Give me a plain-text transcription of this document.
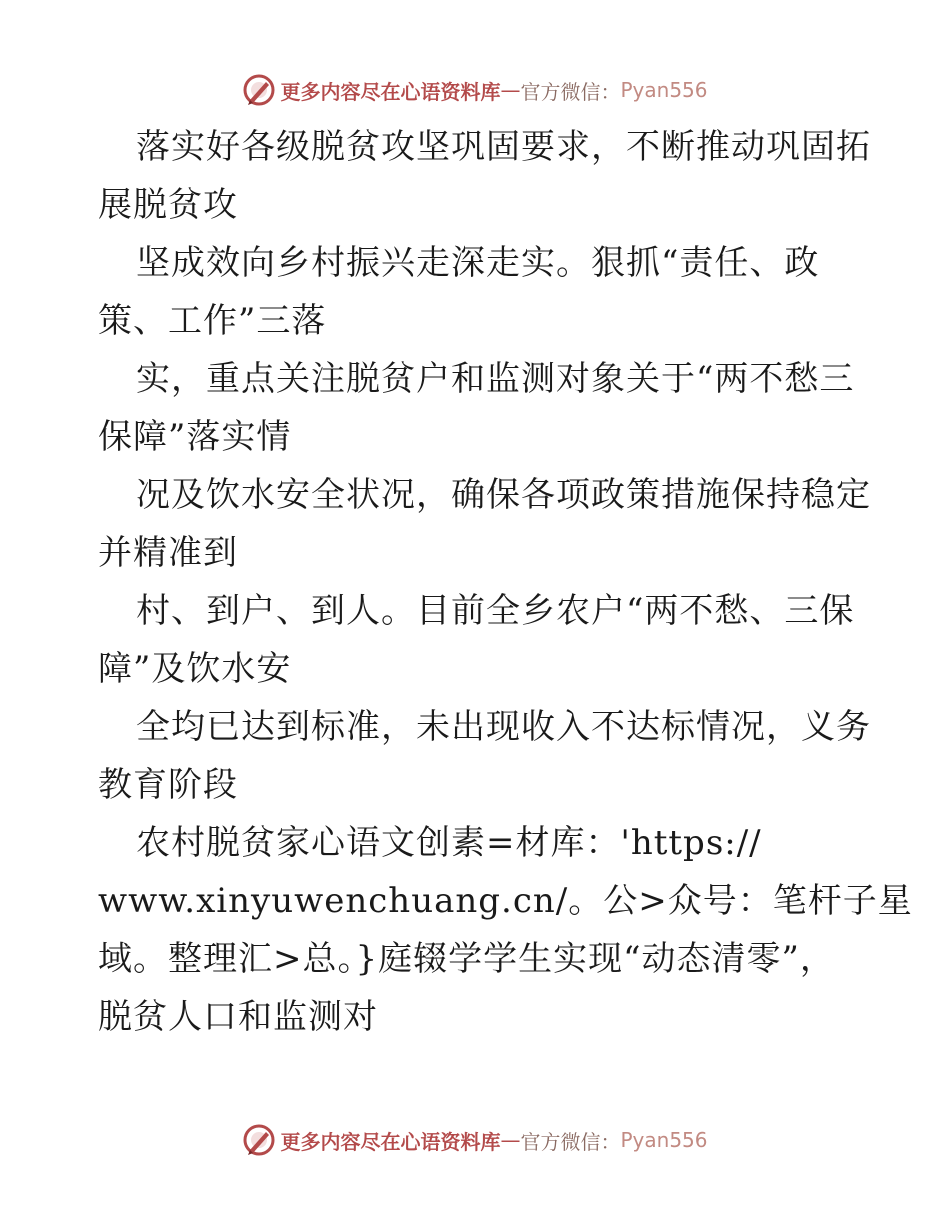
更多内容尽在心语资料库 — 官方微信： Pyan556
落实好各级脱贫攻坚巩固要求，不断推动巩固拓
展脱贫攻
坚成效向乡村振兴走深走实。狠抓“责任、政
策、工作”三落
实，重点关注脱贫户和监测对象关于“两不愁三
保障”落实情
况及饮水安全状况，确保各项政策措施保持稳定
并精准到
村、到户、到人。目前全乡农户“两不愁、三保
障”及饮水安
全均已达到标准，未出现收入不达标情况，义务
教育阶段
农村脱贫家心语文创素=材库：'https://
www.xinyuwenchuang.cn/。公>众号：笔杆子星
域。整理汇>总。}庭辍学学生实现“动态清零”，
脱贫人口和监测对
更多内容尽在心语资料库 — 官方微信： Pyan556
